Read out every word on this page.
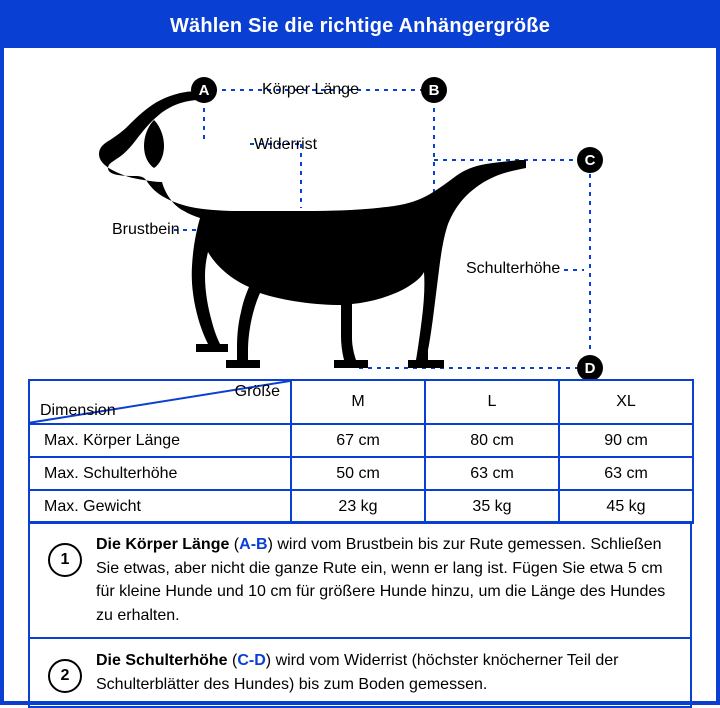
Wählen Sie die richtige Anhängergröße
Körper Länge
Widerrist
Brustbein
Schulterhöhe
A	B
C
D
Größe
Dimension	M	L	XL
Max. Körper Länge	67 cm	80 cm	90 cm
Max. Schulterhöhe	50 cm	63 cm	63 cm
Max. Gewicht	23 kg	35 kg	45 kg
1
Die Körper Länge (A-B) wird vom Brustbein bis zur Rute gemessen. Schließen Sie etwas, aber nicht die ganze Rute ein, wenn er lang ist. Fügen Sie etwa 5 cm für kleine Hunde und 10 cm für größere Hunde hinzu, um die Länge des Hundes zu erhalten.
2
Die Schulterhöhe (C-D) wird vom Widerrist (höchster knöcherner Teil der Schulterblätter des Hundes) bis zum Boden gemessen.
